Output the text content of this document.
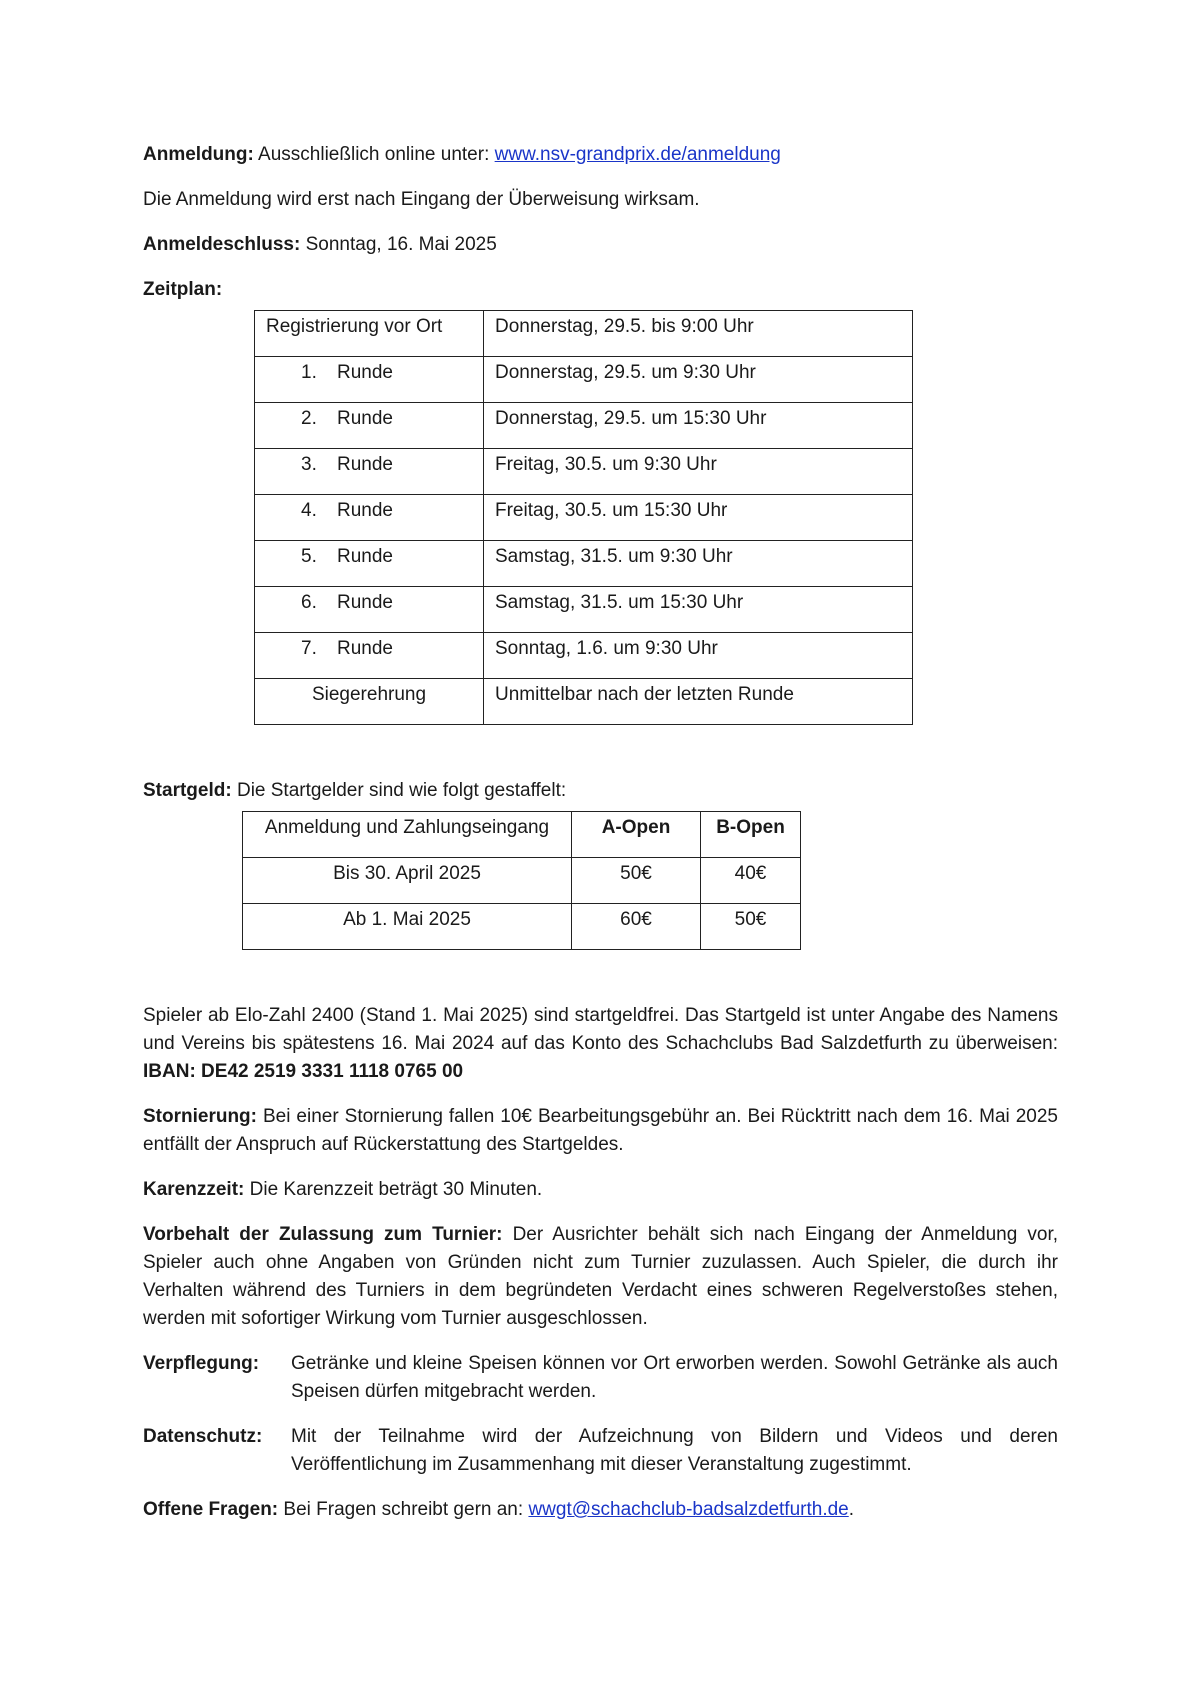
Anmeldung: Ausschließlich online unter: www.nsv-grandprix.de/anmeldung

Die Anmeldung wird erst nach Eingang der Überweisung wirksam.

Anmeldeschluss: Sonntag, 16. Mai 2025

Zeitplan:

Registrierung vor Ort	Donnerstag, 29.5. bis 9:00 Uhr
1. Runde	Donnerstag, 29.5. um 9:30 Uhr
2. Runde	Donnerstag, 29.5. um 15:30 Uhr
3. Runde	Freitag, 30.5. um 9:30 Uhr
4. Runde	Freitag, 30.5. um 15:30 Uhr
5. Runde	Samstag, 31.5. um 9:30 Uhr
6. Runde	Samstag, 31.5. um 15:30 Uhr
7. Runde	Sonntag, 1.6. um 9:30 Uhr
Siegerehrung	Unmittelbar nach der letzten Runde

Startgeld: Die Startgelder sind wie folgt gestaffelt:

Anmeldung und Zahlungseingang	A-Open	B-Open
Bis 30. April 2025	50€	40€
Ab 1. Mai 2025	60€	50€

Spieler ab Elo-Zahl 2400 (Stand 1. Mai 2025) sind startgeldfrei. Das Startgeld ist unter Angabe des Namens und Vereins bis spätestens 16. Mai 2024 auf das Konto des Schachclubs Bad Salzdetfurth zu überweisen: IBAN: DE42 2519 3331 1118 0765 00

Stornierung: Bei einer Stornierung fallen 10€ Bearbeitungsgebühr an. Bei Rücktritt nach dem 16. Mai 2025 entfällt der Anspruch auf Rückerstattung des Startgeldes.

Karenzzeit: Die Karenzzeit beträgt 30 Minuten.

Vorbehalt der Zulassung zum Turnier: Der Ausrichter behält sich nach Eingang der Anmeldung vor, Spieler auch ohne Angaben von Gründen nicht zum Turnier zuzulassen. Auch Spieler, die durch ihr Verhalten während des Turniers in dem begründeten Verdacht eines schweren Regelverstoßes stehen, werden mit sofortiger Wirkung vom Turnier ausgeschlossen.

Verpflegung:	Getränke und kleine Speisen können vor Ort erworben werden. Sowohl Getränke als auch Speisen dürfen mitgebracht werden.
Datenschutz:	Mit der Teilnahme wird der Aufzeichnung von Bildern und Videos und deren Veröffentlichung im Zusammenhang mit dieser Veranstaltung zugestimmt.

Offene Fragen: Bei Fragen schreibt gern an: wwgt@schachclub-badsalzdetfurth.de.
